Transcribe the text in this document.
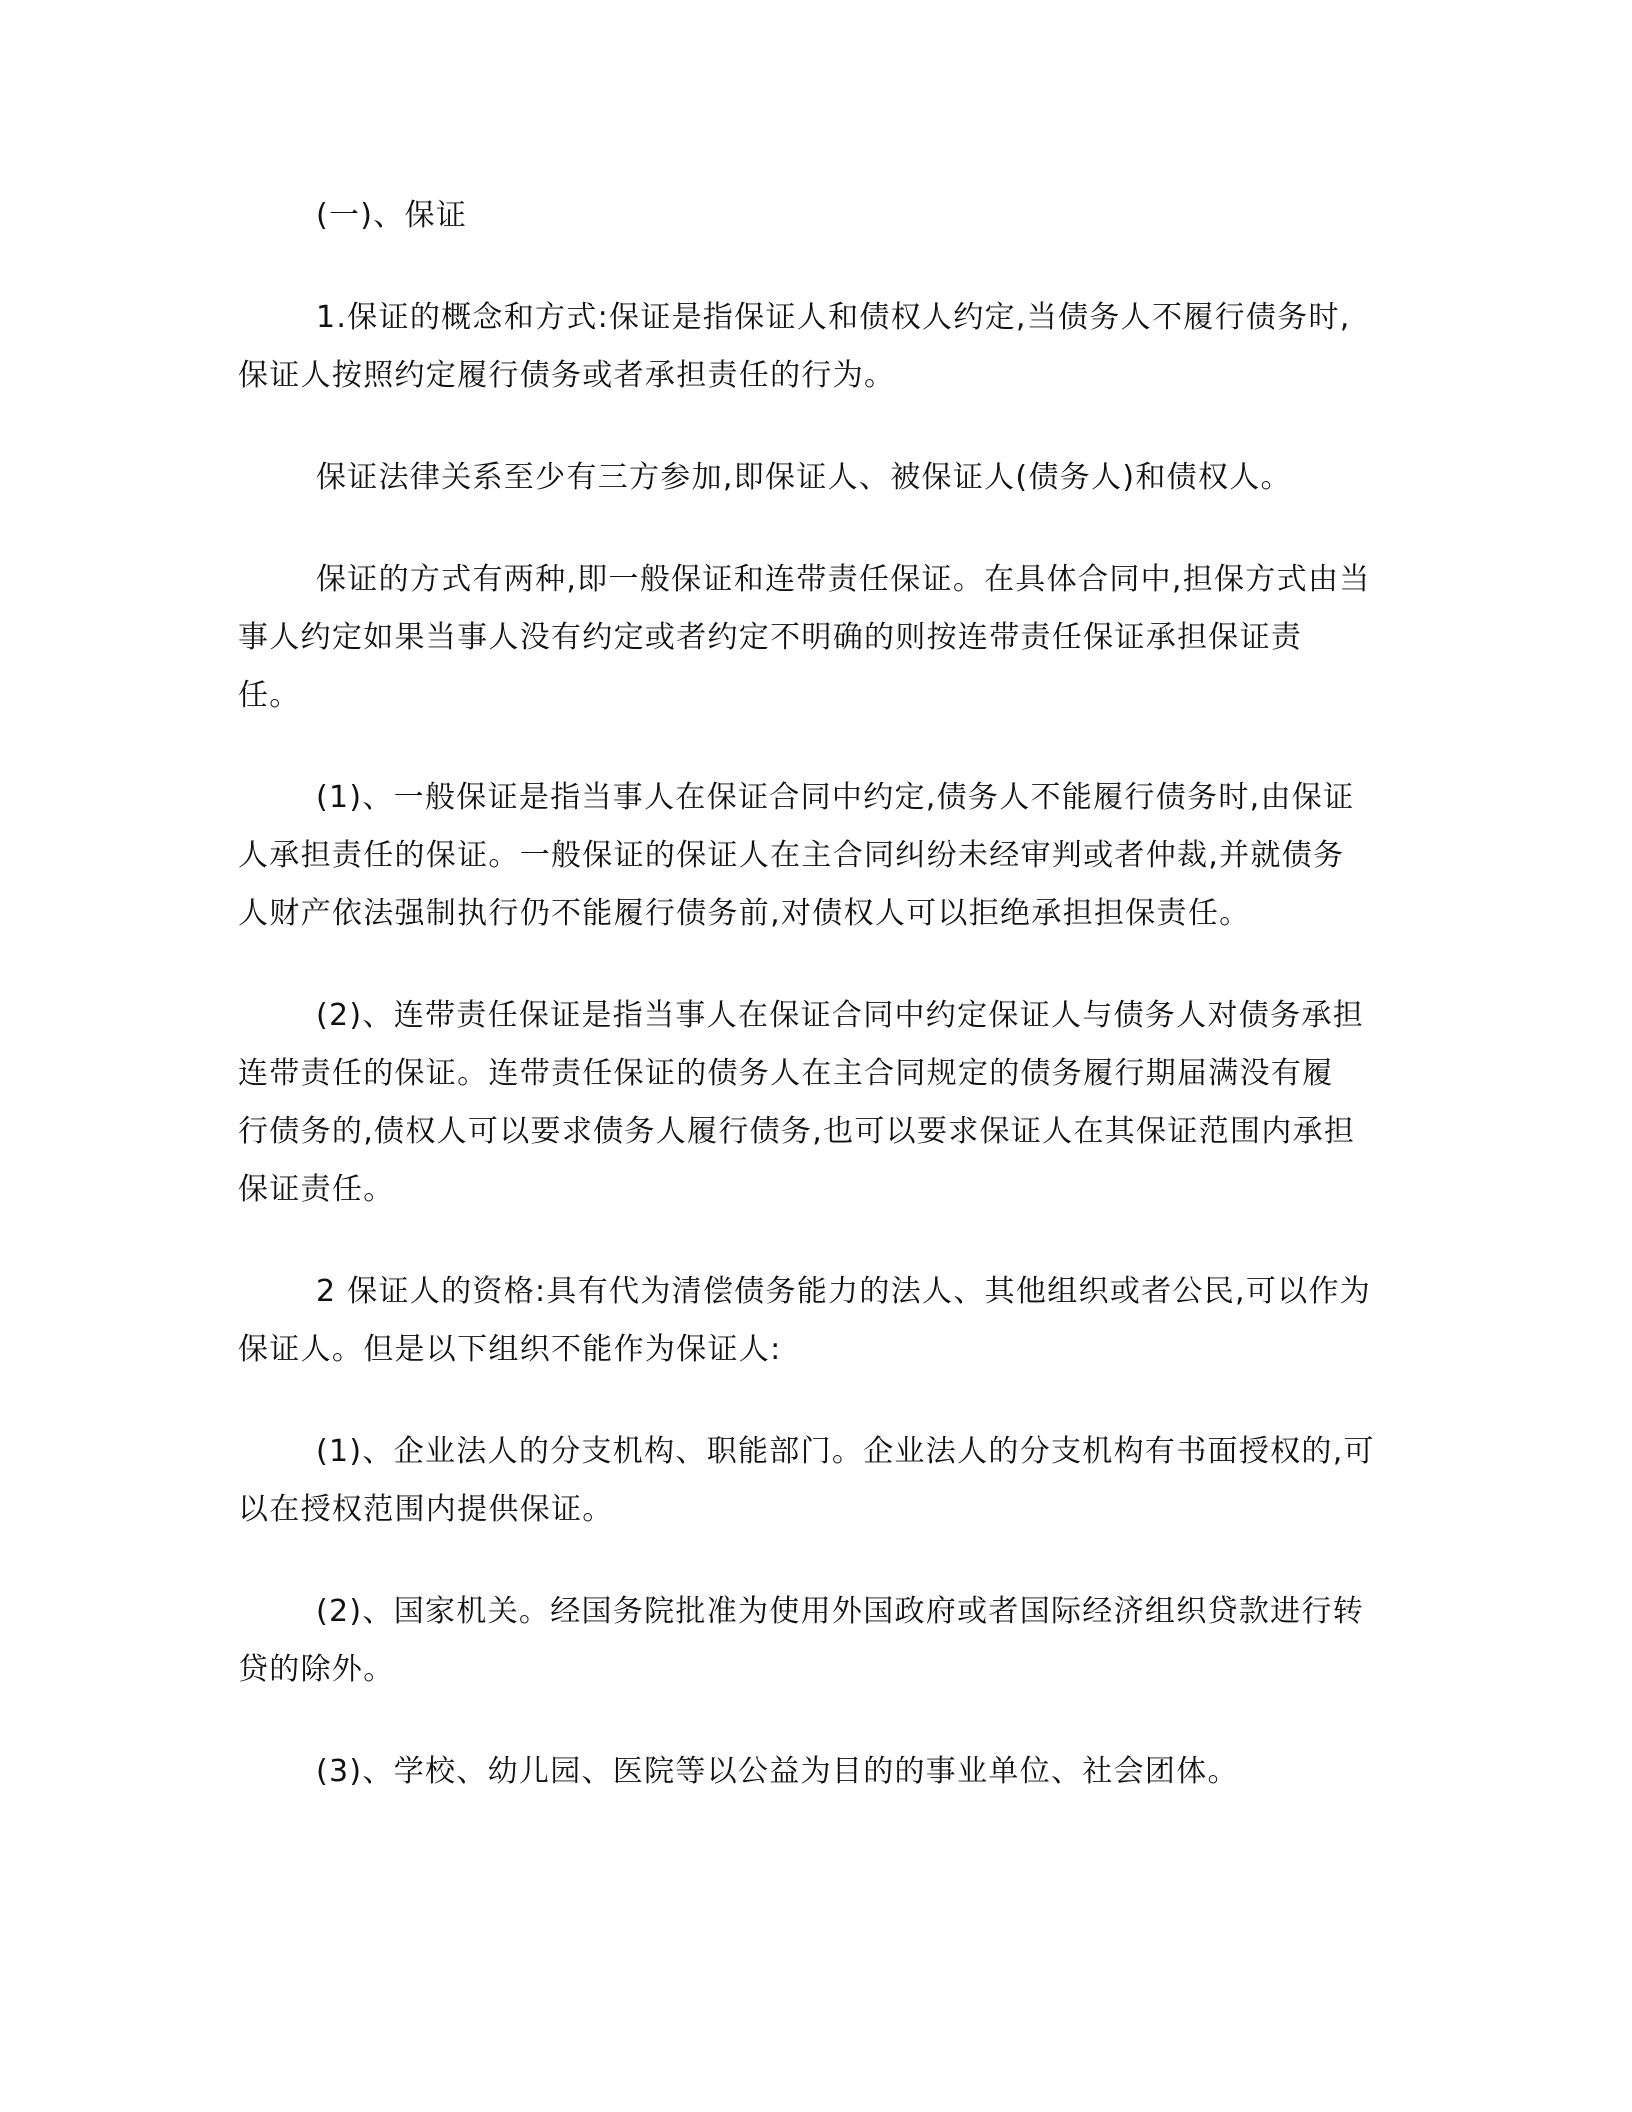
(一)、保证
1.保证的概念和方式:保证是指保证人和债权人约定,当债务人不履行债务时,
保证人按照约定履行债务或者承担责任的行为。
保证法律关系至少有三方参加,即保证人、被保证人(债务人)和债权人。
保证的方式有两种,即一般保证和连带责任保证。在具体合同中,担保方式由当
事人约定如果当事人没有约定或者约定不明确的则按连带责任保证承担保证责
任。
(1)、一般保证是指当事人在保证合同中约定,债务人不能履行债务时,由保证
人承担责任的保证。一般保证的保证人在主合同纠纷未经审判或者仲裁,并就债务
人财产依法强制执行仍不能履行债务前,对债权人可以拒绝承担担保责任。
(2)、连带责任保证是指当事人在保证合同中约定保证人与债务人对债务承担
连带责任的保证。连带责任保证的债务人在主合同规定的债务履行期届满没有履
行债务的,债权人可以要求债务人履行债务,也可以要求保证人在其保证范围内承担
保证责任。
2 保证人的资格:具有代为清偿债务能力的法人、其他组织或者公民,可以作为
保证人。但是以下组织不能作为保证人:
(1)、企业法人的分支机构、职能部门。企业法人的分支机构有书面授权的,可
以在授权范围内提供保证。
(2)、国家机关。经国务院批准为使用外国政府或者国际经济组织贷款进行转
贷的除外。
(3)、学校、幼儿园、医院等以公益为目的的事业单位、社会团体。
